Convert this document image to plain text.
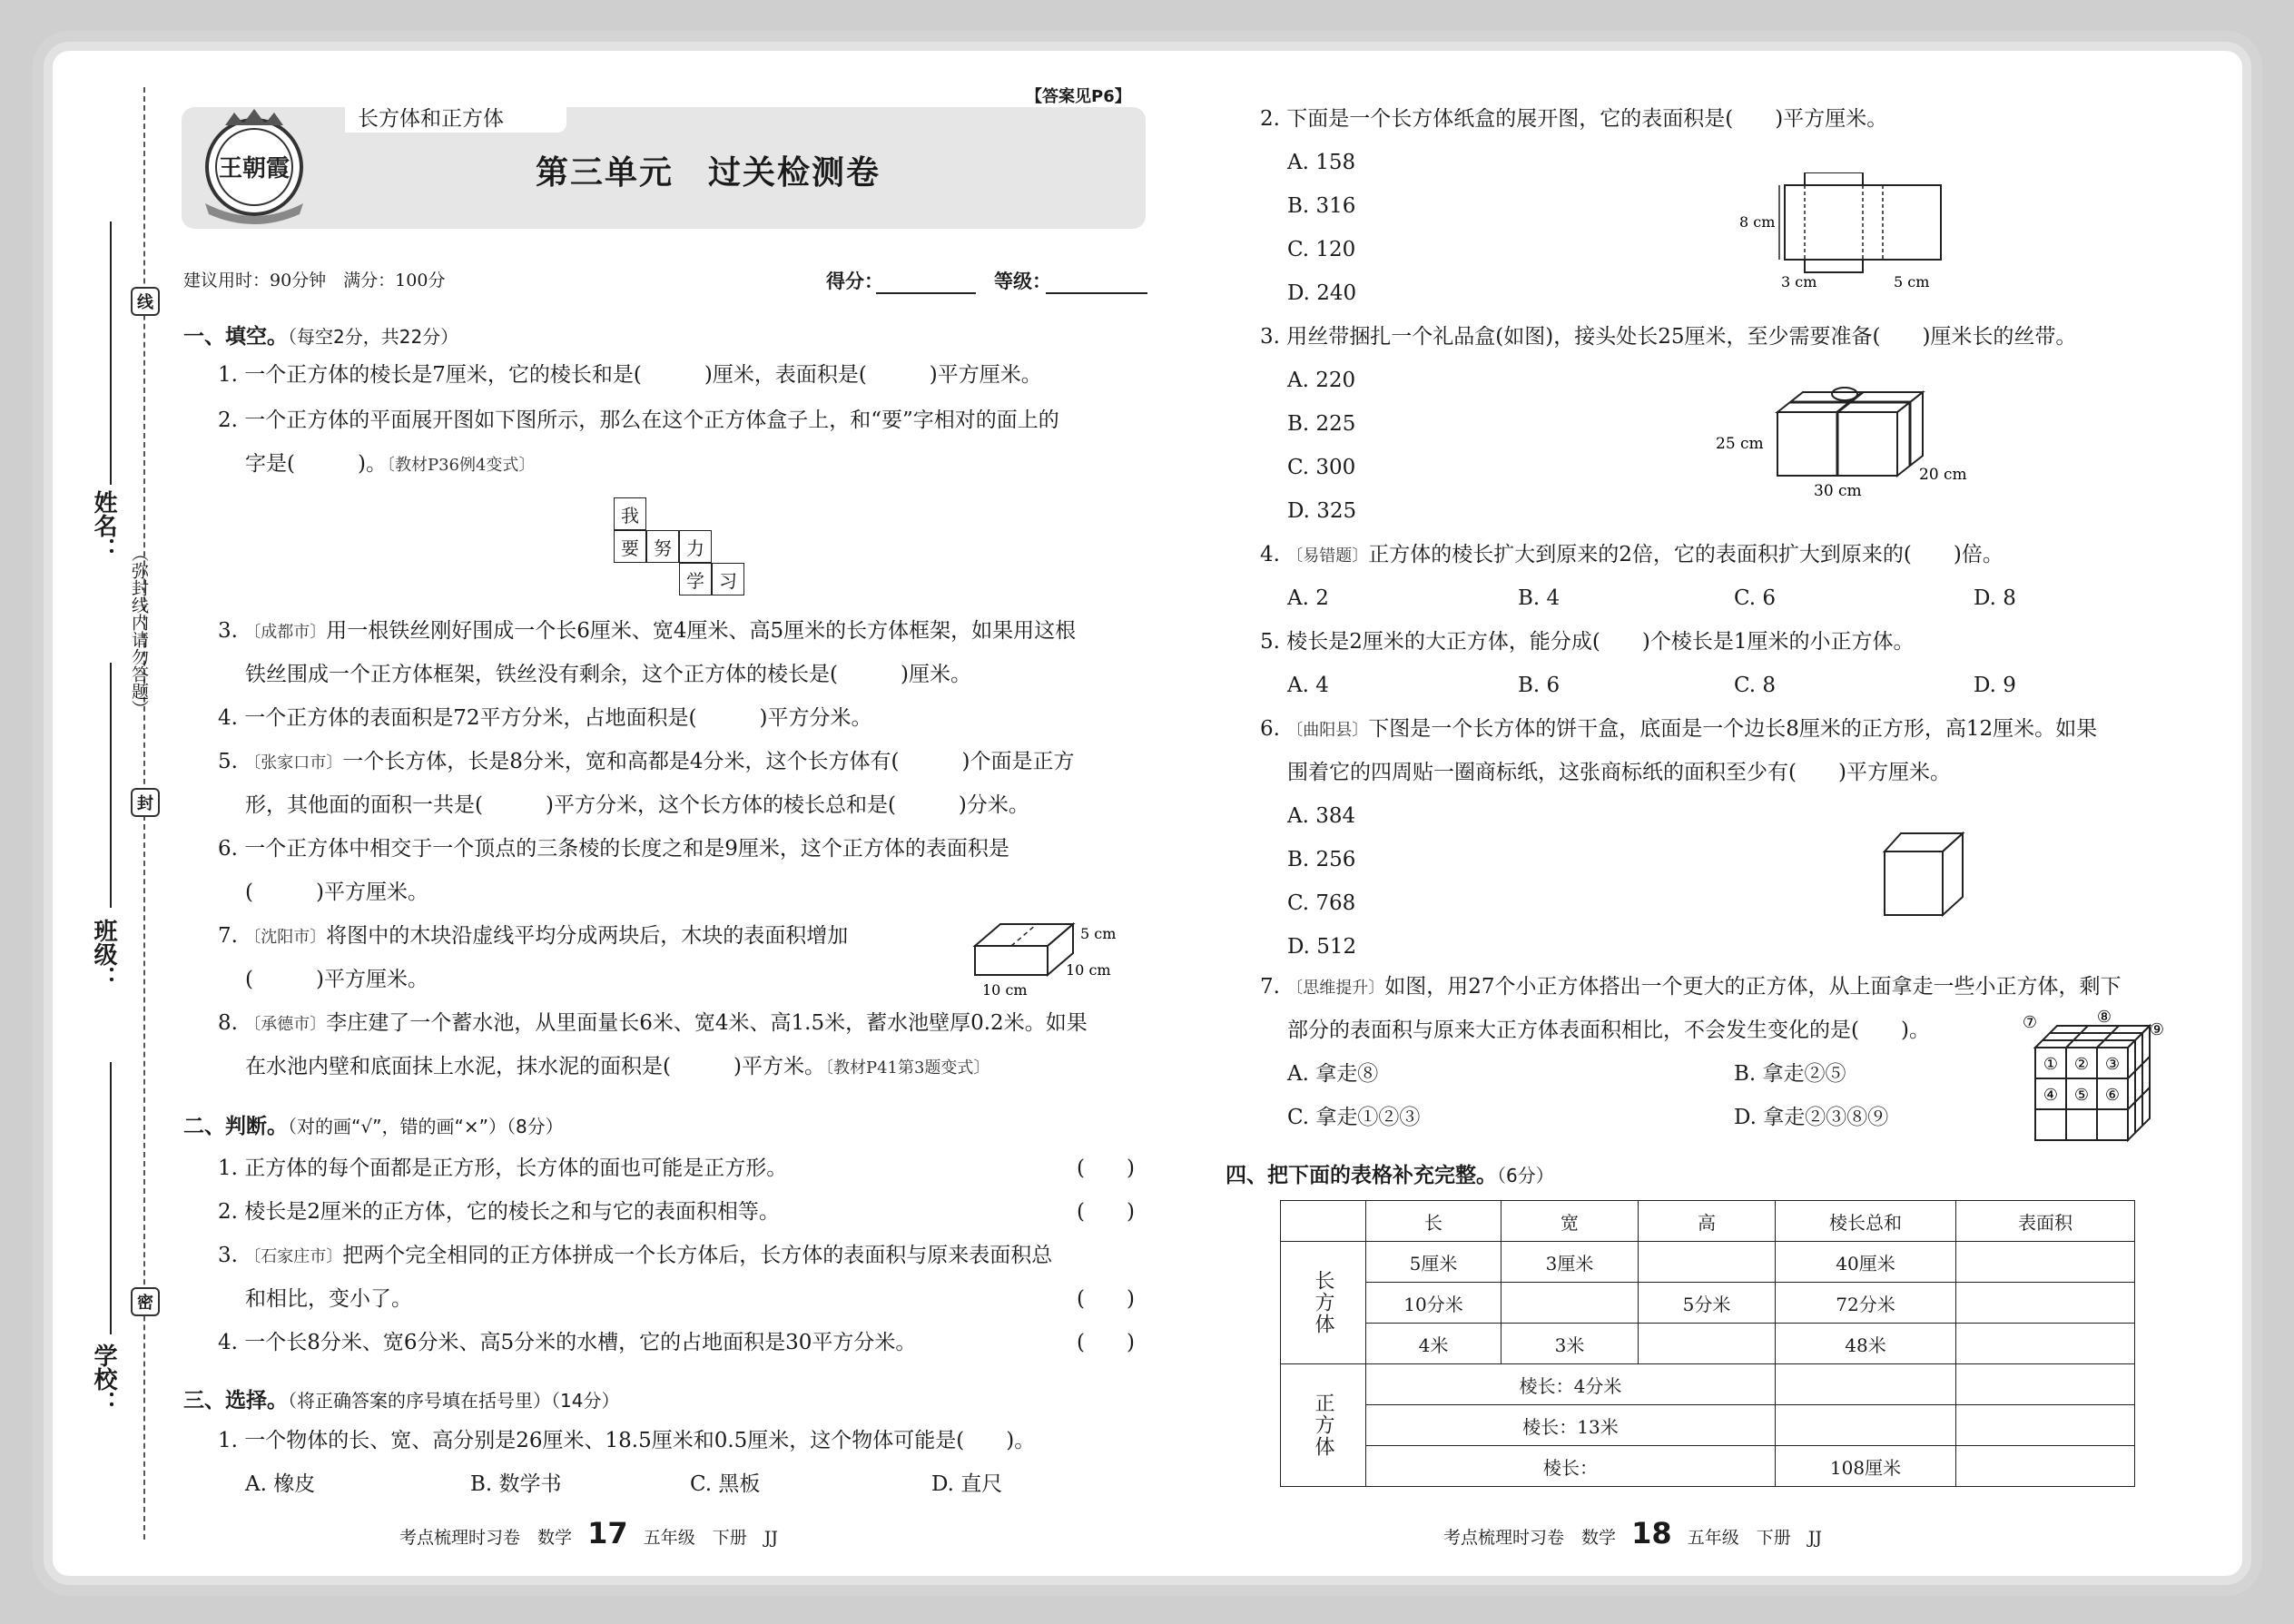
线
封
密
（弥封线内请勿答题）
姓名：
班级：
学校：
长方体和正方体
王朝霞
【答案见P6】
第三单元　过关检测卷
建议用时：90分钟　满分：100分	得分：	等级：
一、填空。（每空2分，共22分）
1. 一个正方体的棱长是7厘米，它的棱长和是(　　　)厘米，表面积是(　　　)平方厘米。
2. 一个正方体的平面展开图如下图所示，那么在这个正方体盒子上，和“要”字相对的面上的
字是(　　　)。〔教材P36例4变式〕
我
要 努 力
学 习
3. 〔成都市〕用一根铁丝刚好围成一个长6厘米、宽4厘米、高5厘米的长方体框架，如果用这根
铁丝围成一个正方体框架，铁丝没有剩余，这个正方体的棱长是(　　　)厘米。
4. 一个正方体的表面积是72平方分米，占地面积是(　　　)平方分米。
5. 〔张家口市〕一个长方体，长是8分米，宽和高都是4分米，这个长方体有(　　　)个面是正方
形，其他面的面积一共是(　　　)平方分米，这个长方体的棱长总和是(　　　)分米。
6. 一个正方体中相交于一个顶点的三条棱的长度之和是9厘米，这个正方体的表面积是
(　　　)平方厘米。
7. 〔沈阳市〕将图中的木块沿虚线平均分成两块后，木块的表面积增加
(　　　)平方厘米。
5 cm
10 cm
10 cm
8. 〔承德市〕李庄建了一个蓄水池，从里面量长6米、宽4米、高1.5米，蓄水池壁厚0.2米。如果
在水池内壁和底面抹上水泥，抹水泥的面积是(　　　)平方米。〔教材P41第3题变式〕
二、判断。（对的画“√”，错的画“×”）（8分）
1. 正方体的每个面都是正方形，长方体的面也可能是正方形。	(　　)
2. 棱长是2厘米的正方体，它的棱长之和与它的表面积相等。	(　　)
3. 〔石家庄市〕把两个完全相同的正方体拼成一个长方体后，长方体的表面积与原来表面积总
和相比，变小了。	(　　)
4. 一个长8分米、宽6分米、高5分米的水槽，它的占地面积是30平方分米。	(　　)
三、选择。（将正确答案的序号填在括号里）（14分）
1. 一个物体的长、宽、高分别是26厘米、18.5厘米和0.5厘米，这个物体可能是(　　)。
A. 橡皮	B. 数学书	C. 黑板	D. 直尺
考点梳理时习卷　数学 17 五年级　下册　JJ
2. 下面是一个长方体纸盒的展开图，它的表面积是(　　)平方厘米。
A. 158
B. 316
C. 120
D. 240
8 cm
3 cm	5 cm
3. 用丝带捆扎一个礼品盒(如图)，接头处长25厘米，至少需要准备(　　)厘米长的丝带。
A. 220
B. 225
C. 300
D. 325
25 cm
30 cm
20 cm
4. 〔易错题〕正方体的棱长扩大到原来的2倍，它的表面积扩大到原来的(　　)倍。
A. 2	B. 4	C. 6	D. 8
5. 棱长是2厘米的大正方体，能分成(　　)个棱长是1厘米的小正方体。
A. 4	B. 6	C. 8	D. 9
6. 〔曲阳县〕下图是一个长方体的饼干盒，底面是一个边长8厘米的正方形，高12厘米。如果
围着它的四周贴一圈商标纸，这张商标纸的面积至少有(　　)平方厘米。
A. 384
B. 256
C. 768
D. 512
7. 〔思维提升〕如图，用27个小正方体搭出一个更大的正方体，从上面拿走一些小正方体，剩下
部分的表面积与原来大正方体表面积相比，不会发生变化的是(　　)。
A. 拿走⑧	B. 拿走②⑤
C. 拿走①②③	D. 拿走②③⑧⑨
⑦	⑧
⑨
① ② ③
④ ⑤ ⑥
四、把下面的表格补充完整。（6分）
	长	宽	高	棱长总和	表面积
长方体	5厘米	3厘米		40厘米	
	10分米		5分米	72分米	
	4米	3米		48米	
正方体	棱长：4分米				
	棱长：13米				
	棱长：			108厘米	
考点梳理时习卷　数学 18 五年级　下册　JJ
